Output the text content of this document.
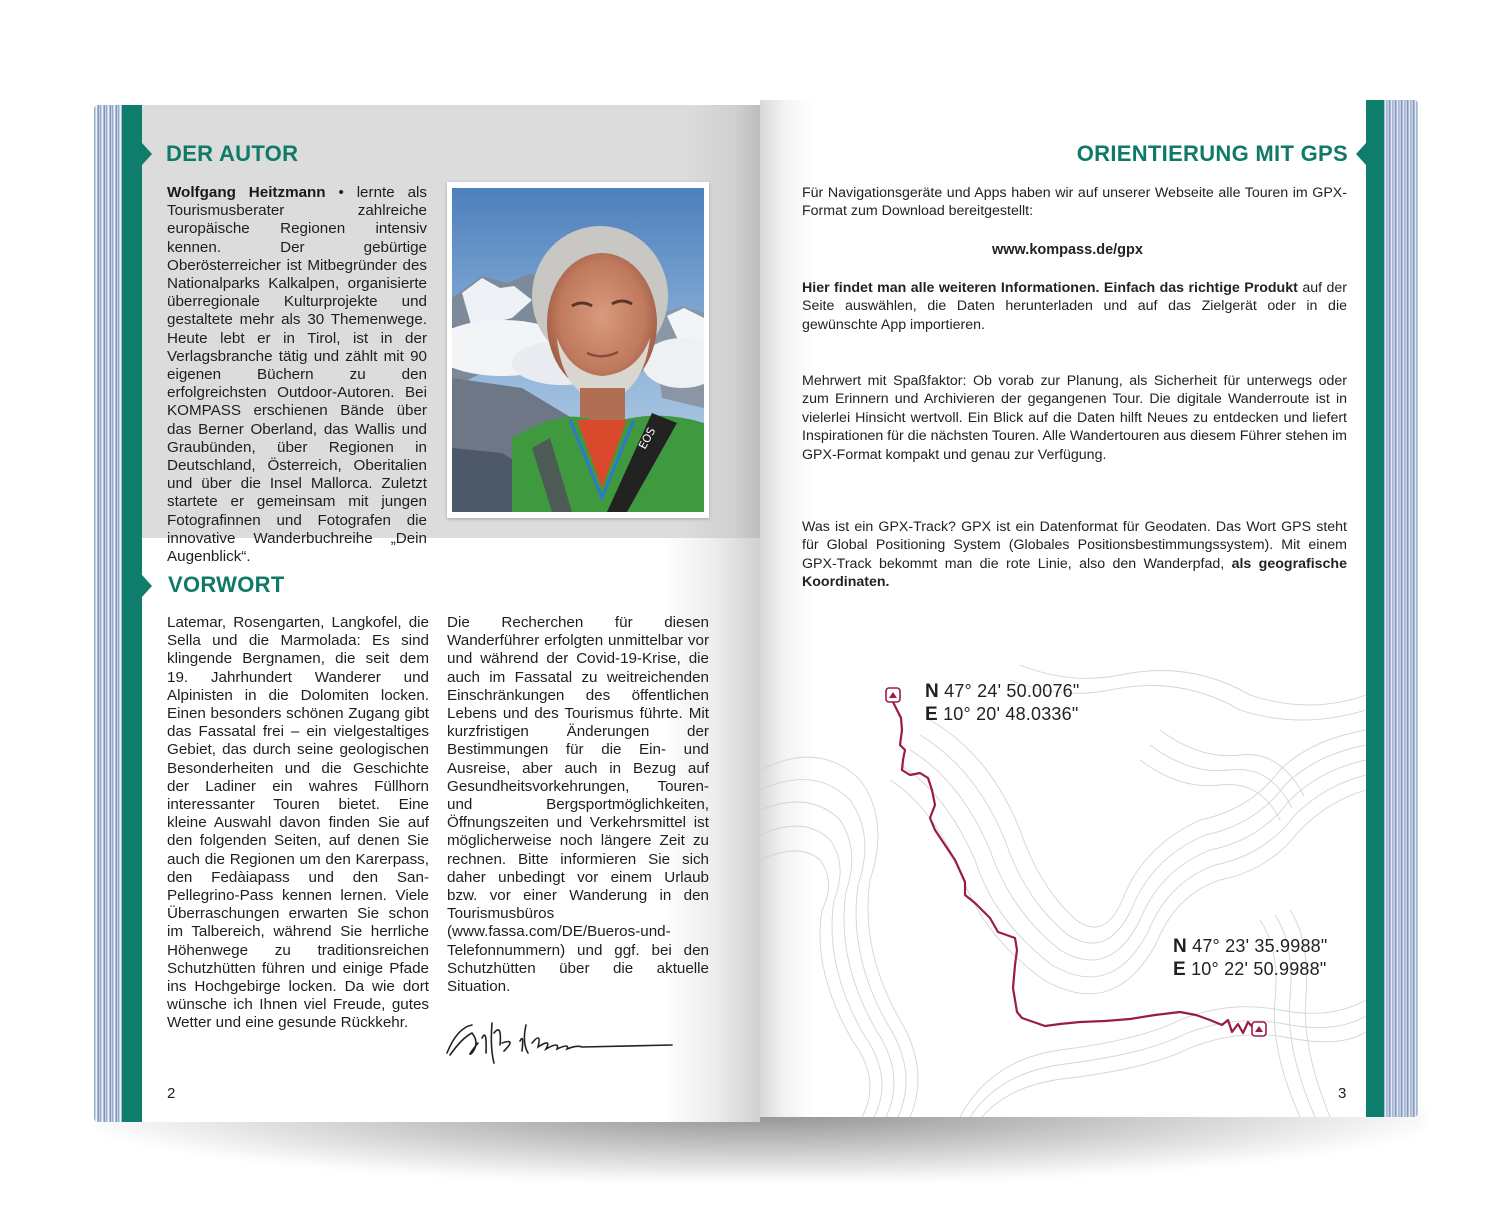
DER AUTOR
Wolfgang Heitzmann • lernte als Tourismusberater zahlreiche europäische Regionen intensiv kennen. Der gebürtige Oberösterreicher ist Mitbegründer des Nationalparks Kalkalpen, organisierte überregionale Kulturprojekte und gestaltete mehr als 30 Themenwege. Heute lebt er in Tirol, ist in der Verlagsbranche tätig und zählt mit 90 eigenen Büchern zu den erfolgreichsten Outdoor-Autoren. Bei KOMPASS erschienen Bände über das Berner Oberland, das Wallis und Graubünden, über Regionen in Deutschland, Österreich, Oberitalien und über die Insel Mallorca. Zuletzt startete er gemeinsam mit jungen Fotografinnen und Fotografen die innovative Wanderbuchreihe „Dein Augenblick“.
EOS
VORWORT
Latemar, Rosengarten, Langkofel, die Sella und die Marmolada: Es sind klingende Bergnamen, die seit dem 19. Jahrhundert Wanderer und Alpinisten in die Dolomiten locken. Einen besonders schönen Zugang gibt das Fassatal frei – ein vielgestaltiges Gebiet, das durch seine geologischen Besonderheiten und die Geschichte der Ladiner ein wahres Füllhorn interessanter Touren bietet. Eine kleine Auswahl davon finden Sie auf den folgenden Seiten, auf denen Sie auch die Regionen um den Karerpass, den Fedàiapass und den San-Pellegrino-Pass kennen lernen. Viele Überraschungen erwarten Sie schon im Talbereich, während Sie herrliche Höhenwege zu traditionsreichen Schutzhütten führen und einige Pfade ins Hochgebirge locken. Da wie dort wünsche ich Ihnen viel Freude, gutes Wetter und eine gesunde Rückkehr.
Die Recherchen für diesen Wanderführer erfolgten unmittelbar vor und während der Covid-19-Krise, die auch im Fassatal zu weitreichenden Einschränkungen des öffentlichen Lebens und des Tourismus führte. Mit kurzfristigen Änderungen der Bestimmungen für die Ein- und Ausreise, aber auch in Bezug auf Gesundheitsvorkehrungen, Touren- und Bergsportmöglichkeiten, Öffnungszeiten und Verkehrsmittel ist möglicherweise noch längere Zeit zu rechnen. Bitte informieren Sie sich daher unbedingt vor einem Urlaub bzw. vor einer Wanderung in den Tourismusbüros (www.fassa.com/DE/Bueros-und-Telefonnummern) und ggf. bei den Schutzhütten über die aktuelle Situation.
2
ORIENTIERUNG MIT GPS
Für Navigationsgeräte und Apps haben wir auf unserer Webseite alle Touren im GPX-Format zum Download bereitgestellt:
www.kompass.de/gpx
Hier findet man alle weiteren Informationen. Einfach das richtige Produkt auf der Seite auswählen, die Daten herunterladen und auf das Zielgerät oder in die gewünschte App importieren.
Mehrwert mit Spaßfaktor: Ob vorab zur Planung, als Sicherheit für unterwegs oder zum Erinnern und Archivieren der gegangenen Tour. Die digitale Wanderroute ist in vielerlei Hinsicht wertvoll. Ein Blick auf die Daten hilft Neues zu entdecken und liefert Inspirationen für die nächsten Touren. Alle Wandertouren aus diesem Führer stehen im GPX-Format kompakt und genau zur Verfügung.
Was ist ein GPX-Track? GPX ist ein Datenformat für Geodaten. Das Wort GPS steht für Global Positioning System (Globales Positionsbestimmungssystem). Mit einem GPX-Track bekommt man die rote Linie, also den Wanderpfad, als geografische Koordinaten.
N 47° 24' 50.0076"
E 10° 20' 48.0336"
N 47° 23' 35.9988"
E 10° 22' 50.9988"
3
